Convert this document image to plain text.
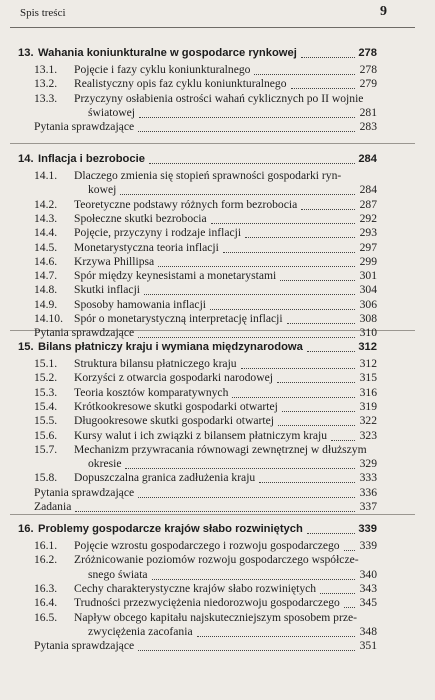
Spis treści	9
13. Wahania koniunkturalne w gospodarce rynkowej	278
13.1. Pojęcie i fazy cyklu koniunkturalnego	278
13.2. Realistyczny opis faz cyklu koniunkturalnego	279
13.3. Przyczyny osłabienia ostrości wahań cyklicznych po II wojnie
światowej	281
Pytania sprawdzające	283
14. Inflacja i bezrobocie	284
14.1. Dlaczego zmienia się stopień sprawności gospodarki ryn-
kowej	284
14.2. Teoretyczne podstawy różnych form bezrobocia	287
14.3. Społeczne skutki bezrobocia	292
14.4. Pojęcie, przyczyny i rodzaje inflacji	293
14.5. Monetarystyczna teoria inflacji	297
14.6. Krzywa Phillipsa	299
14.7. Spór między keynesistami a monetarystami	301
14.8. Skutki inflacji	304
14.9. Sposoby hamowania inflacji	306
14.10. Spór o monetarystyczną interpretację inflacji	308
Pytania sprawdzające	310
15. Bilans płatniczy kraju i wymiana międzynarodowa	312
15.1. Struktura bilansu płatniczego kraju	312
15.2. Korzyści z otwarcia gospodarki narodowej	315
15.3. Teoria kosztów komparatywnych	316
15.4. Krótkookresowe skutki gospodarki otwartej	319
15.5. Długookresowe skutki gospodarki otwartej	322
15.6. Kursy walut i ich związki z bilansem płatniczym kraju	323
15.7. Mechanizm przywracania równowagi zewnętrznej w dłuższym
okresie	329
15.8. Dopuszczalna granica zadłużenia kraju	333
Pytania sprawdzające	336
Zadania	337
16. Problemy gospodarcze krajów słabo rozwiniętych	339
16.1. Pojęcie wzrostu gospodarczego i rozwoju gospodarczego 339
16.2. Zróżnicowanie poziomów rozwoju gospodarczego współcze-
snego świata	340
16.3. Cechy charakterystyczne krajów słabo rozwiniętych	343
16.4. Trudności przezwyciężenia niedorozwoju gospodarczego 345
16.5. Napływ obcego kapitału najskuteczniejszym sposobem prze-
zwyciężenia zacofania	348
Pytania sprawdzające	351
